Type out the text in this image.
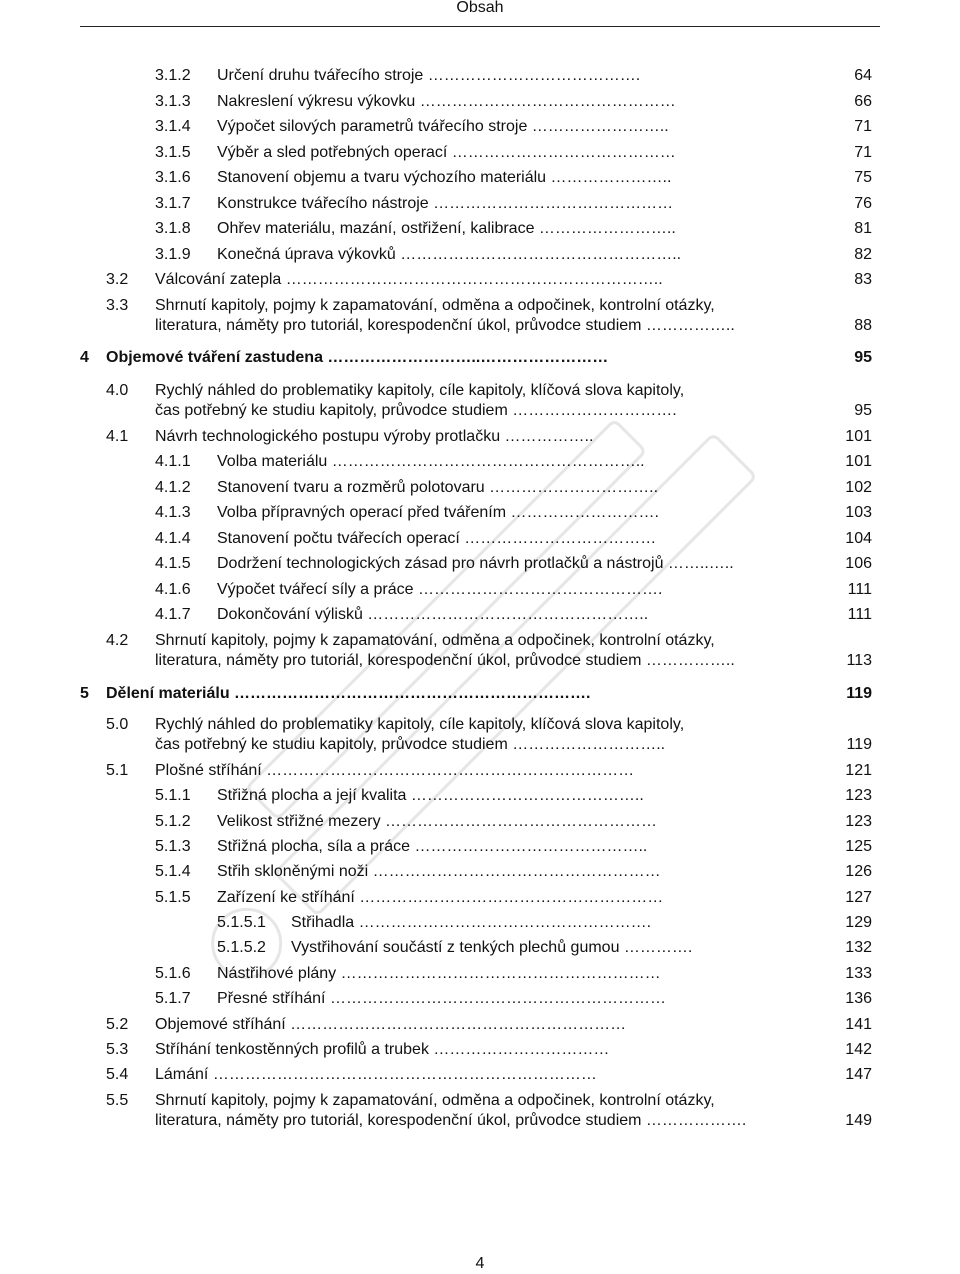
Obsah
3.1.2 Určení druhu tvářecího stroje ………………………………….	64
3.1.3 Nakreslení výkresu výkovku …………………………………………	66
3.1.4 Výpočet silových parametrů tvářecího stroje ……………………..	71
3.1.5 Výběr a sled potřebných operací ……………………………………	71
3.1.6 Stanovení objemu a tvaru výchozího materiálu …………………..	75
3.1.7 Konstrukce tvářecího nástroje ………………………………………	76
3.1.8 Ohřev materiálu, mazání, ostřižení, kalibrace ……………………..	81
3.1.9 Konečná úprava výkovků ……………………………………………..	82
3.2 Válcování zatepla ……………………………………………………………..	83
3.3 Shrnutí kapitoly, pojmy k zapamatování, odměna a odpočinek, kontrolní otázky,
literatura, náměty pro tutoriál, korespodenční úkol, průvodce studiem ……………..	88
4 Objemové tváření zastudena ………………………..……………………	95
4.0 Rychlý náhled do problematiky kapitoly, cíle kapitoly, klíčová slova kapitoly,
čas potřebný ke studiu kapitoly, průvodce studiem ………………………….	95
4.1 Návrh technologického postupu výroby protlačku ……………..	101
4.1.1 Volba materiálu …………………………………………………..	101
4.1.2 Stanovení tvaru a rozměrů polotovaru …………………………..	102
4.1.3 Volba přípravných operací před tvářením ……………………….	103
4.1.4 Stanovení počtu tvářecích operací ………………………………	104
4.1.5 Dodržení technologických zásad pro návrh protlačků a nástrojů ……..…..	106
4.1.6 Výpočet tvářecí síly a práce ……………………………………….	111
4.1.7 Dokončování výlisků ……………………………………………..	111
4.2 Shrnutí kapitoly, pojmy k zapamatování, odměna a odpočinek, kontrolní otázky,
literatura, náměty pro tutoriál, korespodenční úkol, průvodce studiem ……………..	113
5 Dělení materiálu ………………………………………………………….	119
5.0 Rychlý náhled do problematiky kapitoly, cíle kapitoly, klíčová slova kapitoly,
čas potřebný ke studiu kapitoly, průvodce studiem ………………………..	119
5.1 Plošné stříhání ……………………………………………………………	121
5.1.1 Střižná plocha a její kvalita ……………………………………..	123
5.1.2 Velikost střižné mezery ……………………………………………	123
5.1.3 Střižná plocha, síla a práce ……………………………………..	125
5.1.4 Střih skloněnými noži ………………………………………………	126
5.1.5 Zařízení ke stříhání …………………………………………………	127
5.1.5.1 Střihadla ……………………………………………….	129
5.1.5.2 Vystřihování součástí z tenkých plechů gumou ………….	132
5.1.6 Nástřihové plány ……………………………………………………	133
5.1.7 Přesné stříhání ………………………………………………………	136
5.2 Objemové stříhání ………………………………………………………	141
5.3 Stříhání tenkostěnných profilů a trubek ……………………………	142
5.4 Lámání ………………………………………………………………	147
5.5 Shrnutí kapitoly, pojmy k zapamatování, odměna a odpočinek, kontrolní otázky,
literatura, náměty pro tutoriál, korespodenční úkol, průvodce studiem ……………….	149
4
